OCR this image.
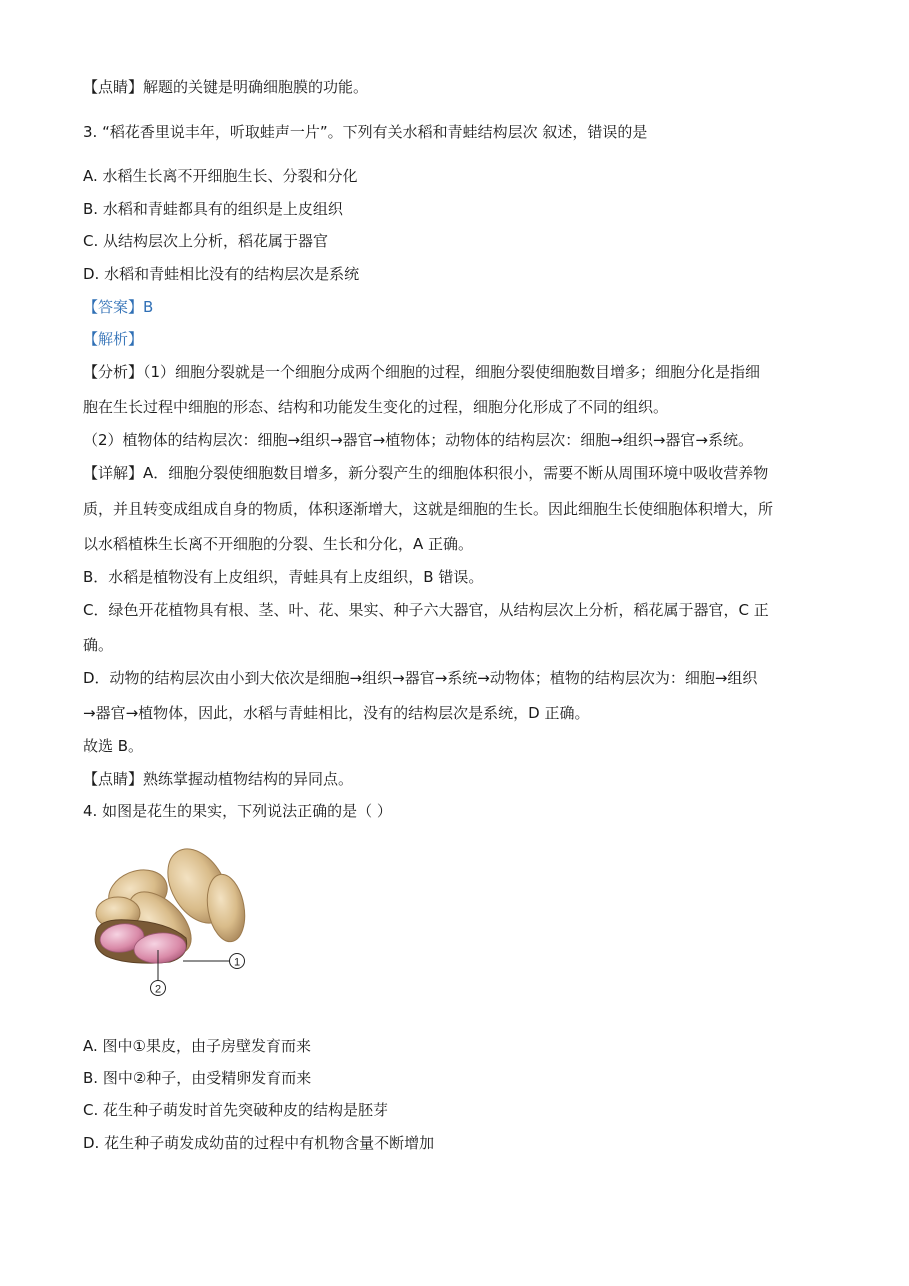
【点睛】解题的关键是明确细胞膜的功能。
3. “稻花香里说丰年，听取蛙声一片”。下列有关水稻和青蛙结构层次 叙述，错误的是
A. 水稻生长离不开细胞生长、分裂和分化
B. 水稻和青蛙都具有的组织是上皮组织
C. 从结构层次上分析，稻花属于器官
D. 水稻和青蛙相比没有的结构层次是系统
【答案】B
【解析】
【分析】（1）细胞分裂就是一个细胞分成两个细胞的过程，细胞分裂使细胞数目增多；细胞分化是指细
胞在生长过程中细胞的形态、结构和功能发生变化的过程，细胞分化形成了不同的组织。
（2）植物体的结构层次：细胞→组织→器官→植物体；动物体的结构层次：细胞→组织→器官→系统。
【详解】A．细胞分裂使细胞数目增多，新分裂产生的细胞体积很小，需要不断从周围环境中吸收营养物
质，并且转变成组成自身的物质，体积逐渐增大，这就是细胞的生长。因此细胞生长使细胞体积增大，所
以水稻植株生长离不开细胞的分裂、生长和分化，A 正确。
B．水稻是植物没有上皮组织，青蛙具有上皮组织，B 错误。
C．绿色开花植物具有根、茎、叶、花、果实、种子六大器官，从结构层次上分析，稻花属于器官，C 正
确。
D．动物的结构层次由小到大依次是细胞→组织→器官→系统→动物体；植物的结构层次为：细胞→组织
→器官→植物体，因此，水稻与青蛙相比，没有的结构层次是系统，D 正确。
故选 B。
【点睛】熟练掌握动植物结构的异同点。
4. 如图是花生的果实，下列说法正确的是（ ）
1
2
A. 图中①果皮，由子房壁发育而来
B. 图中②种子，由受精卵发育而来
C. 花生种子萌发时首先突破种皮的结构是胚芽
D. 花生种子萌发成幼苗的过程中有机物含量不断增加
